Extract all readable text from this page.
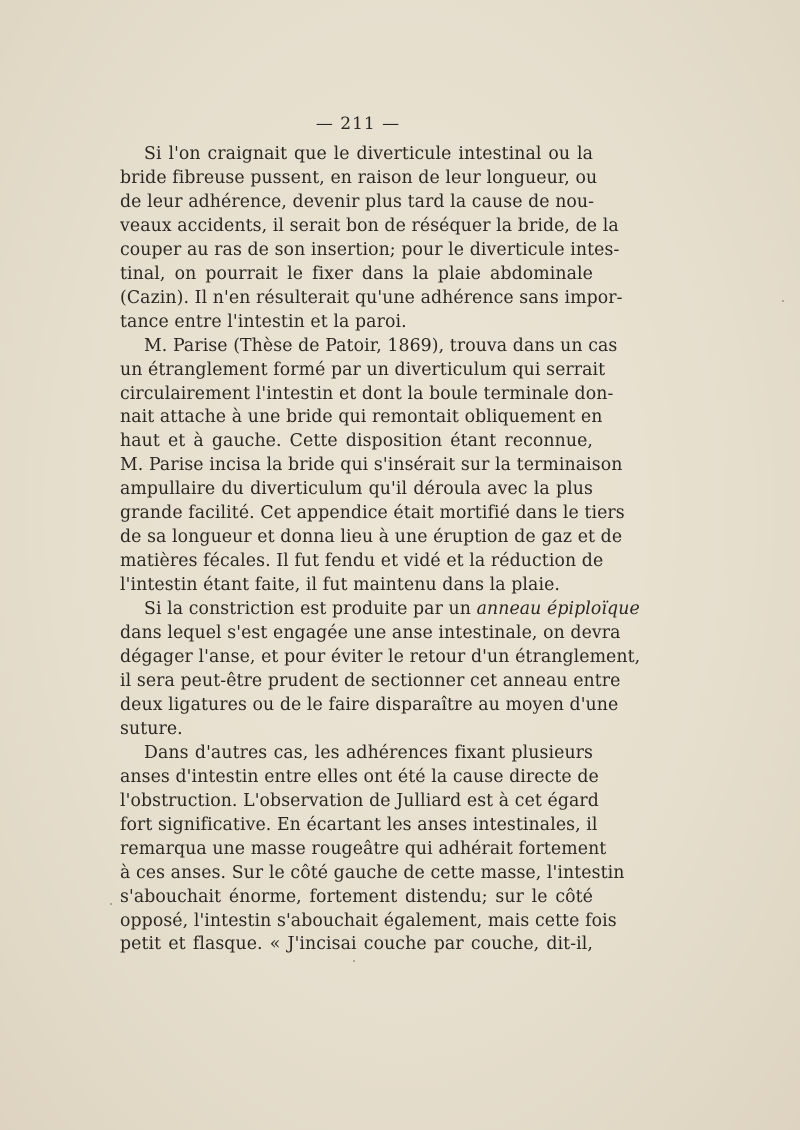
— 211 —
Si l'on craignait que le diverticule intestinal ou la
bride fibreuse pussent, en raison de leur longueur, ou
de leur adhérence, devenir plus tard la cause de nou-
veaux accidents, il serait bon de réséquer la bride, de la
couper au ras de son insertion; pour le diverticule intes-
tinal, on pourrait le fixer dans la plaie abdominale
(Cazin). Il n'en résulterait qu'une adhérence sans impor-
tance entre l'intestin et la paroi.
M. Parise (Thèse de Patoir, 1869), trouva dans un cas
un étranglement formé par un diverticulum qui serrait
circulairement l'intestin et dont la boule terminale don-
nait attache à une bride qui remontait obliquement en
haut et à gauche. Cette disposition étant reconnue,
M. Parise incisa la bride qui s'insérait sur la terminaison
ampullaire du diverticulum qu'il déroula avec la plus
grande facilité. Cet appendice était mortifié dans le tiers
de sa longueur et donna lieu à une éruption de gaz et de
matières fécales. Il fut fendu et vidé et la réduction de
l'intestin étant faite, il fut maintenu dans la plaie.
Si la constriction est produite par un anneau épiploïque
dans lequel s'est engagée une anse intestinale, on devra
dégager l'anse, et pour éviter le retour d'un étranglement,
il sera peut-être prudent de sectionner cet anneau entre
deux ligatures ou de le faire disparaître au moyen d'une
suture.
Dans d'autres cas, les adhérences fixant plusieurs
anses d'intestin entre elles ont été la cause directe de
l'obstruction. L'observation de Julliard est à cet égard
fort significative. En écartant les anses intestinales, il
remarqua une masse rougeâtre qui adhérait fortement
à ces anses. Sur le côté gauche de cette masse, l'intestin
s'abouchait énorme, fortement distendu; sur le côté
opposé, l'intestin s'abouchait également, mais cette fois
petit et flasque. « J'incisai couche par couche, dit-il,
